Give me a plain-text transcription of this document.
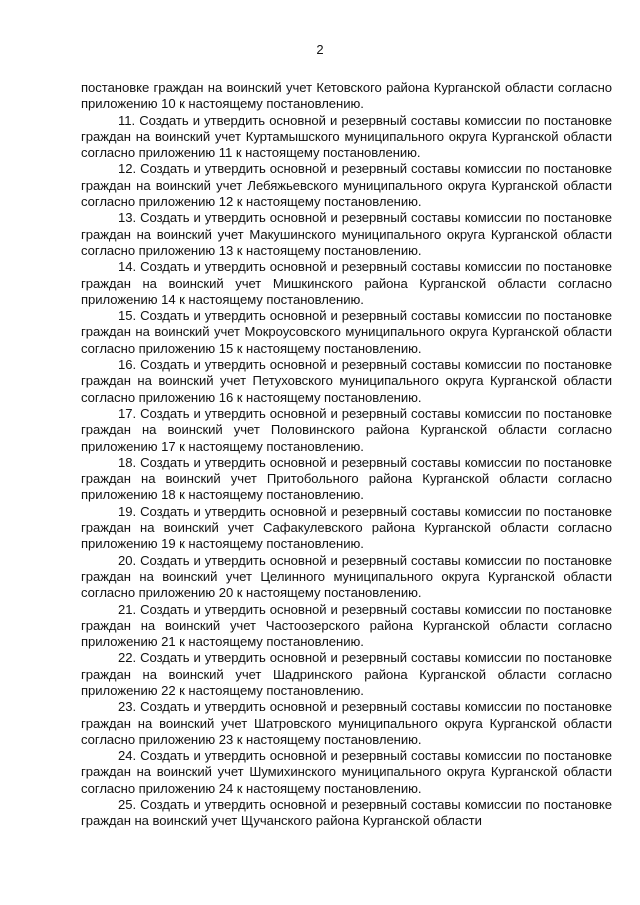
2

постановке граждан на воинский учет Кетовского района Курганской области согласно приложению 10 к настоящему постановлению.

11. Создать и утвердить основной и резервный составы комиссии по постановке граждан на воинский учет Куртамышского муниципального округа Курганской области согласно приложению 11 к настоящему постановлению.

12. Создать и утвердить основной и резервный составы комиссии по постановке граждан на воинский учет Лебяжьевского муниципального округа Курганской области согласно приложению 12 к настоящему постановлению.

13. Создать и утвердить основной и резервный составы комиссии по постановке граждан на воинский учет Макушинского муниципального округа Курганской области согласно приложению 13 к настоящему постановлению.

14. Создать и утвердить основной и резервный составы комиссии по постановке граждан на воинский учет Мишкинского района Курганской области согласно приложению 14 к настоящему постановлению.

15. Создать и утвердить основной и резервный составы комиссии по постановке граждан на воинский учет Мокроусовского муниципального округа Курганской области согласно приложению 15 к настоящему постановлению.

16. Создать и утвердить основной и резервный составы комиссии по постановке граждан на воинский учет Петуховского муниципального округа Курганской области согласно приложению 16 к настоящему постановлению.

17. Создать и утвердить основной и резервный составы комиссии по постановке граждан на воинский учет Половинского района Курганской области согласно приложению 17 к настоящему постановлению.

18. Создать и утвердить основной и резервный составы комиссии по постановке граждан на воинский учет Притобольного района Курганской области согласно приложению 18 к настоящему постановлению.

19. Создать и утвердить основной и резервный составы комиссии по постановке граждан на воинский учет Сафакулевского района Курганской области согласно приложению 19 к настоящему постановлению.

20. Создать и утвердить основной и резервный составы комиссии по постановке граждан на воинский учет Целинного муниципального округа Курганской области согласно приложению 20 к настоящему постановлению.

21. Создать и утвердить основной и резервный составы комиссии по постановке граждан на воинский учет Частоозерского района Курганской области согласно приложению 21 к настоящему постановлению.

22. Создать и утвердить основной и резервный составы комиссии по постановке граждан на воинский учет Шадринского района Курганской области согласно приложению 22 к настоящему постановлению.

23. Создать и утвердить основной и резервный составы комиссии по постановке граждан на воинский учет Шатровского муниципального округа Курганской области согласно приложению 23 к настоящему постановлению.

24. Создать и утвердить основной и резервный составы комиссии по постановке граждан на воинский учет Шумихинского муниципального округа Курганской области согласно приложению 24 к настоящему постановлению.

25. Создать и утвердить основной и резервный составы комиссии по постановке граждан на воинский учет Щучанского района Курганской области
